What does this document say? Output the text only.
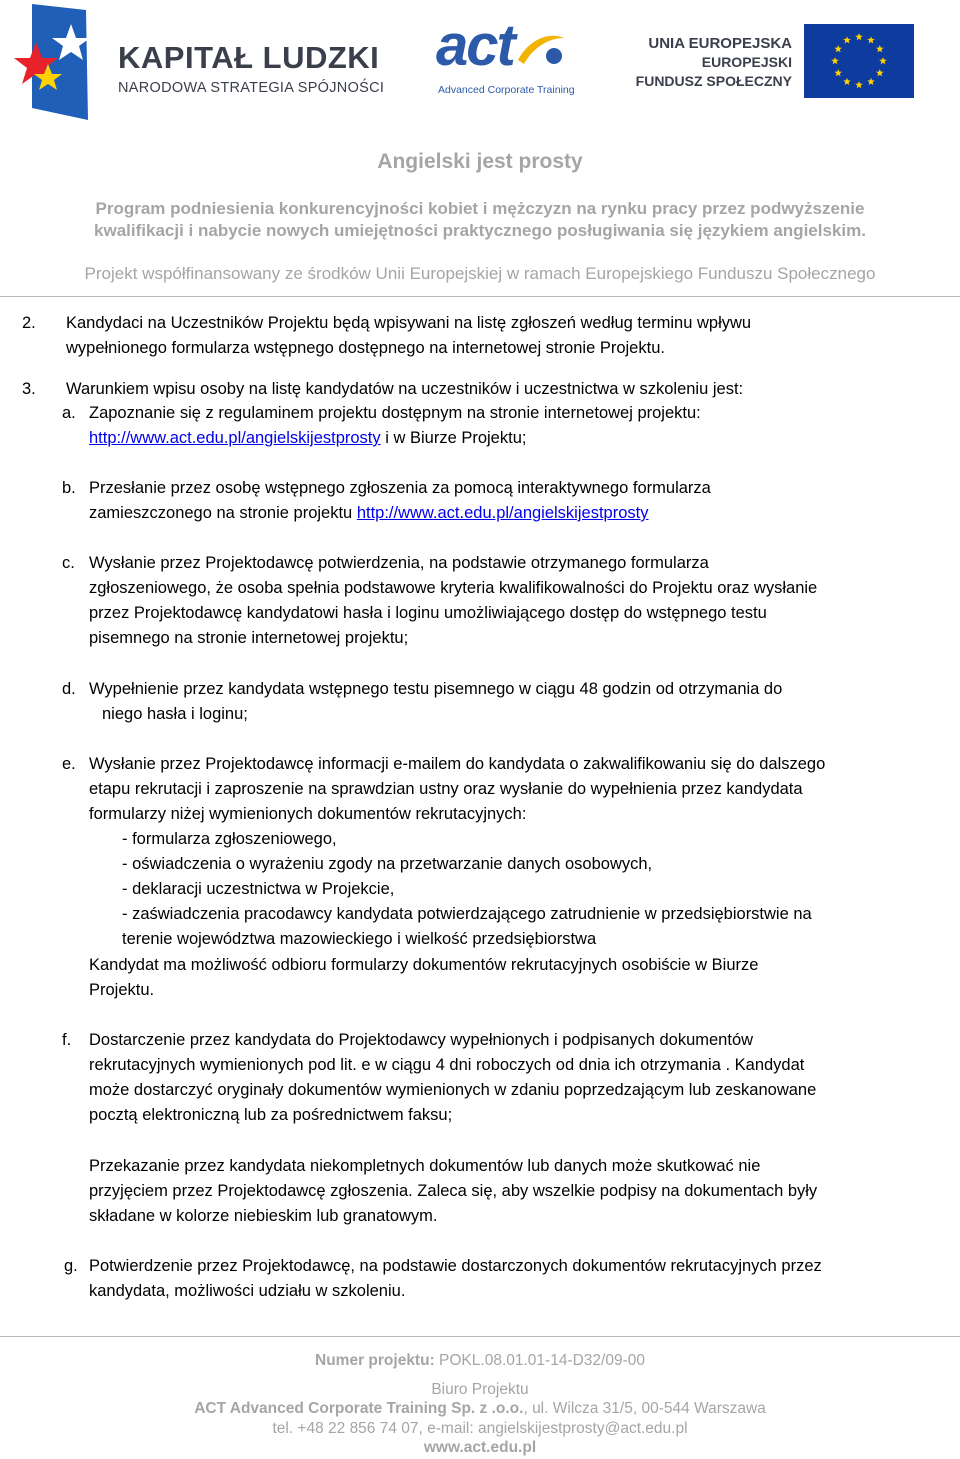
KAPITAŁ LUDZKI
NARODOWA STRATEGIA SPÓJNOŚCI
act
Advanced Corporate Training
UNIA EUROPEJSKA
EUROPEJSKI
FUNDUSZ SPOŁECZNY
Angielski jest prosty
Program podniesienia konkurencyjności kobiet i mężczyzn na rynku pracy przez podwyższenie
kwalifikacji i nabycie nowych umiejętności praktycznego posługiwania się językiem angielskim.
Projekt współfinansowany ze środków Unii Europejskiej w ramach Europejskiego Funduszu Społecznego
2. Kandydaci na Uczestników Projektu będą wpisywani na listę zgłoszeń według terminu wpływu
wypełnionego formularza wstępnego dostępnego na internetowej stronie Projektu.
3. Warunkiem wpisu osoby na listę kandydatów na uczestników i uczestnictwa w szkoleniu jest:
a. Zapoznanie się z regulaminem projektu dostępnym na stronie internetowej projektu:
http://www.act.edu.pl/angielskijestprosty i w Biurze Projektu;
b. Przesłanie przez osobę wstępnego zgłoszenia za pomocą interaktywnego formularza
zamieszczonego na stronie projektu http://www.act.edu.pl/angielskijestprosty
c. Wysłanie przez Projektodawcę potwierdzenia, na podstawie otrzymanego formularza
zgłoszeniowego, że osoba spełnia podstawowe kryteria kwalifikowalności do Projektu oraz wysłanie
przez Projektodawcę kandydatowi hasła i loginu umożliwiającego dostęp do wstępnego testu
pisemnego na stronie internetowej projektu;
d. Wypełnienie przez kandydata wstępnego testu pisemnego w ciągu 48 godzin od otrzymania do
niego hasła i loginu;
e. Wysłanie przez Projektodawcę informacji e-mailem do kandydata o zakwalifikowaniu się do dalszego
etapu rekrutacji i zaproszenie na sprawdzian ustny oraz wysłanie do wypełnienia przez kandydata
formularzy niżej wymienionych dokumentów rekrutacyjnych:
- formularza zgłoszeniowego,
- oświadczenia o wyrażeniu zgody na przetwarzanie danych osobowych,
- deklaracji uczestnictwa w Projekcie,
- zaświadczenia pracodawcy kandydata potwierdzającego zatrudnienie w przedsiębiorstwie na
terenie województwa mazowieckiego i wielkość przedsiębiorstwa
Kandydat ma możliwość odbioru formularzy dokumentów rekrutacyjnych osobiście w Biurze
Projektu.
f. Dostarczenie przez kandydata do Projektodawcy wypełnionych i podpisanych dokumentów
rekrutacyjnych wymienionych pod lit. e w ciągu 4 dni roboczych od dnia ich otrzymania . Kandydat
może dostarczyć oryginały dokumentów wymienionych w zdaniu poprzedzającym lub zeskanowane
pocztą elektroniczną lub za pośrednictwem faksu;
Przekazanie przez kandydata niekompletnych dokumentów lub danych może skutkować nie
przyjęciem przez Projektodawcę zgłoszenia. Zaleca się, aby wszelkie podpisy na dokumentach były
składane w kolorze niebieskim lub granatowym.
g. Potwierdzenie przez Projektodawcę, na podstawie dostarczonych dokumentów rekrutacyjnych przez
kandydata, możliwości udziału w szkoleniu.
Numer projektu: POKL.08.01.01-14-D32/09-00
Biuro Projektu
ACT Advanced Corporate Training Sp. z .o.o., ul. Wilcza 31/5, 00-544 Warszawa
tel. +48 22 856 74 07, e-mail: angielskijestprosty@act.edu.pl
www.act.edu.pl
